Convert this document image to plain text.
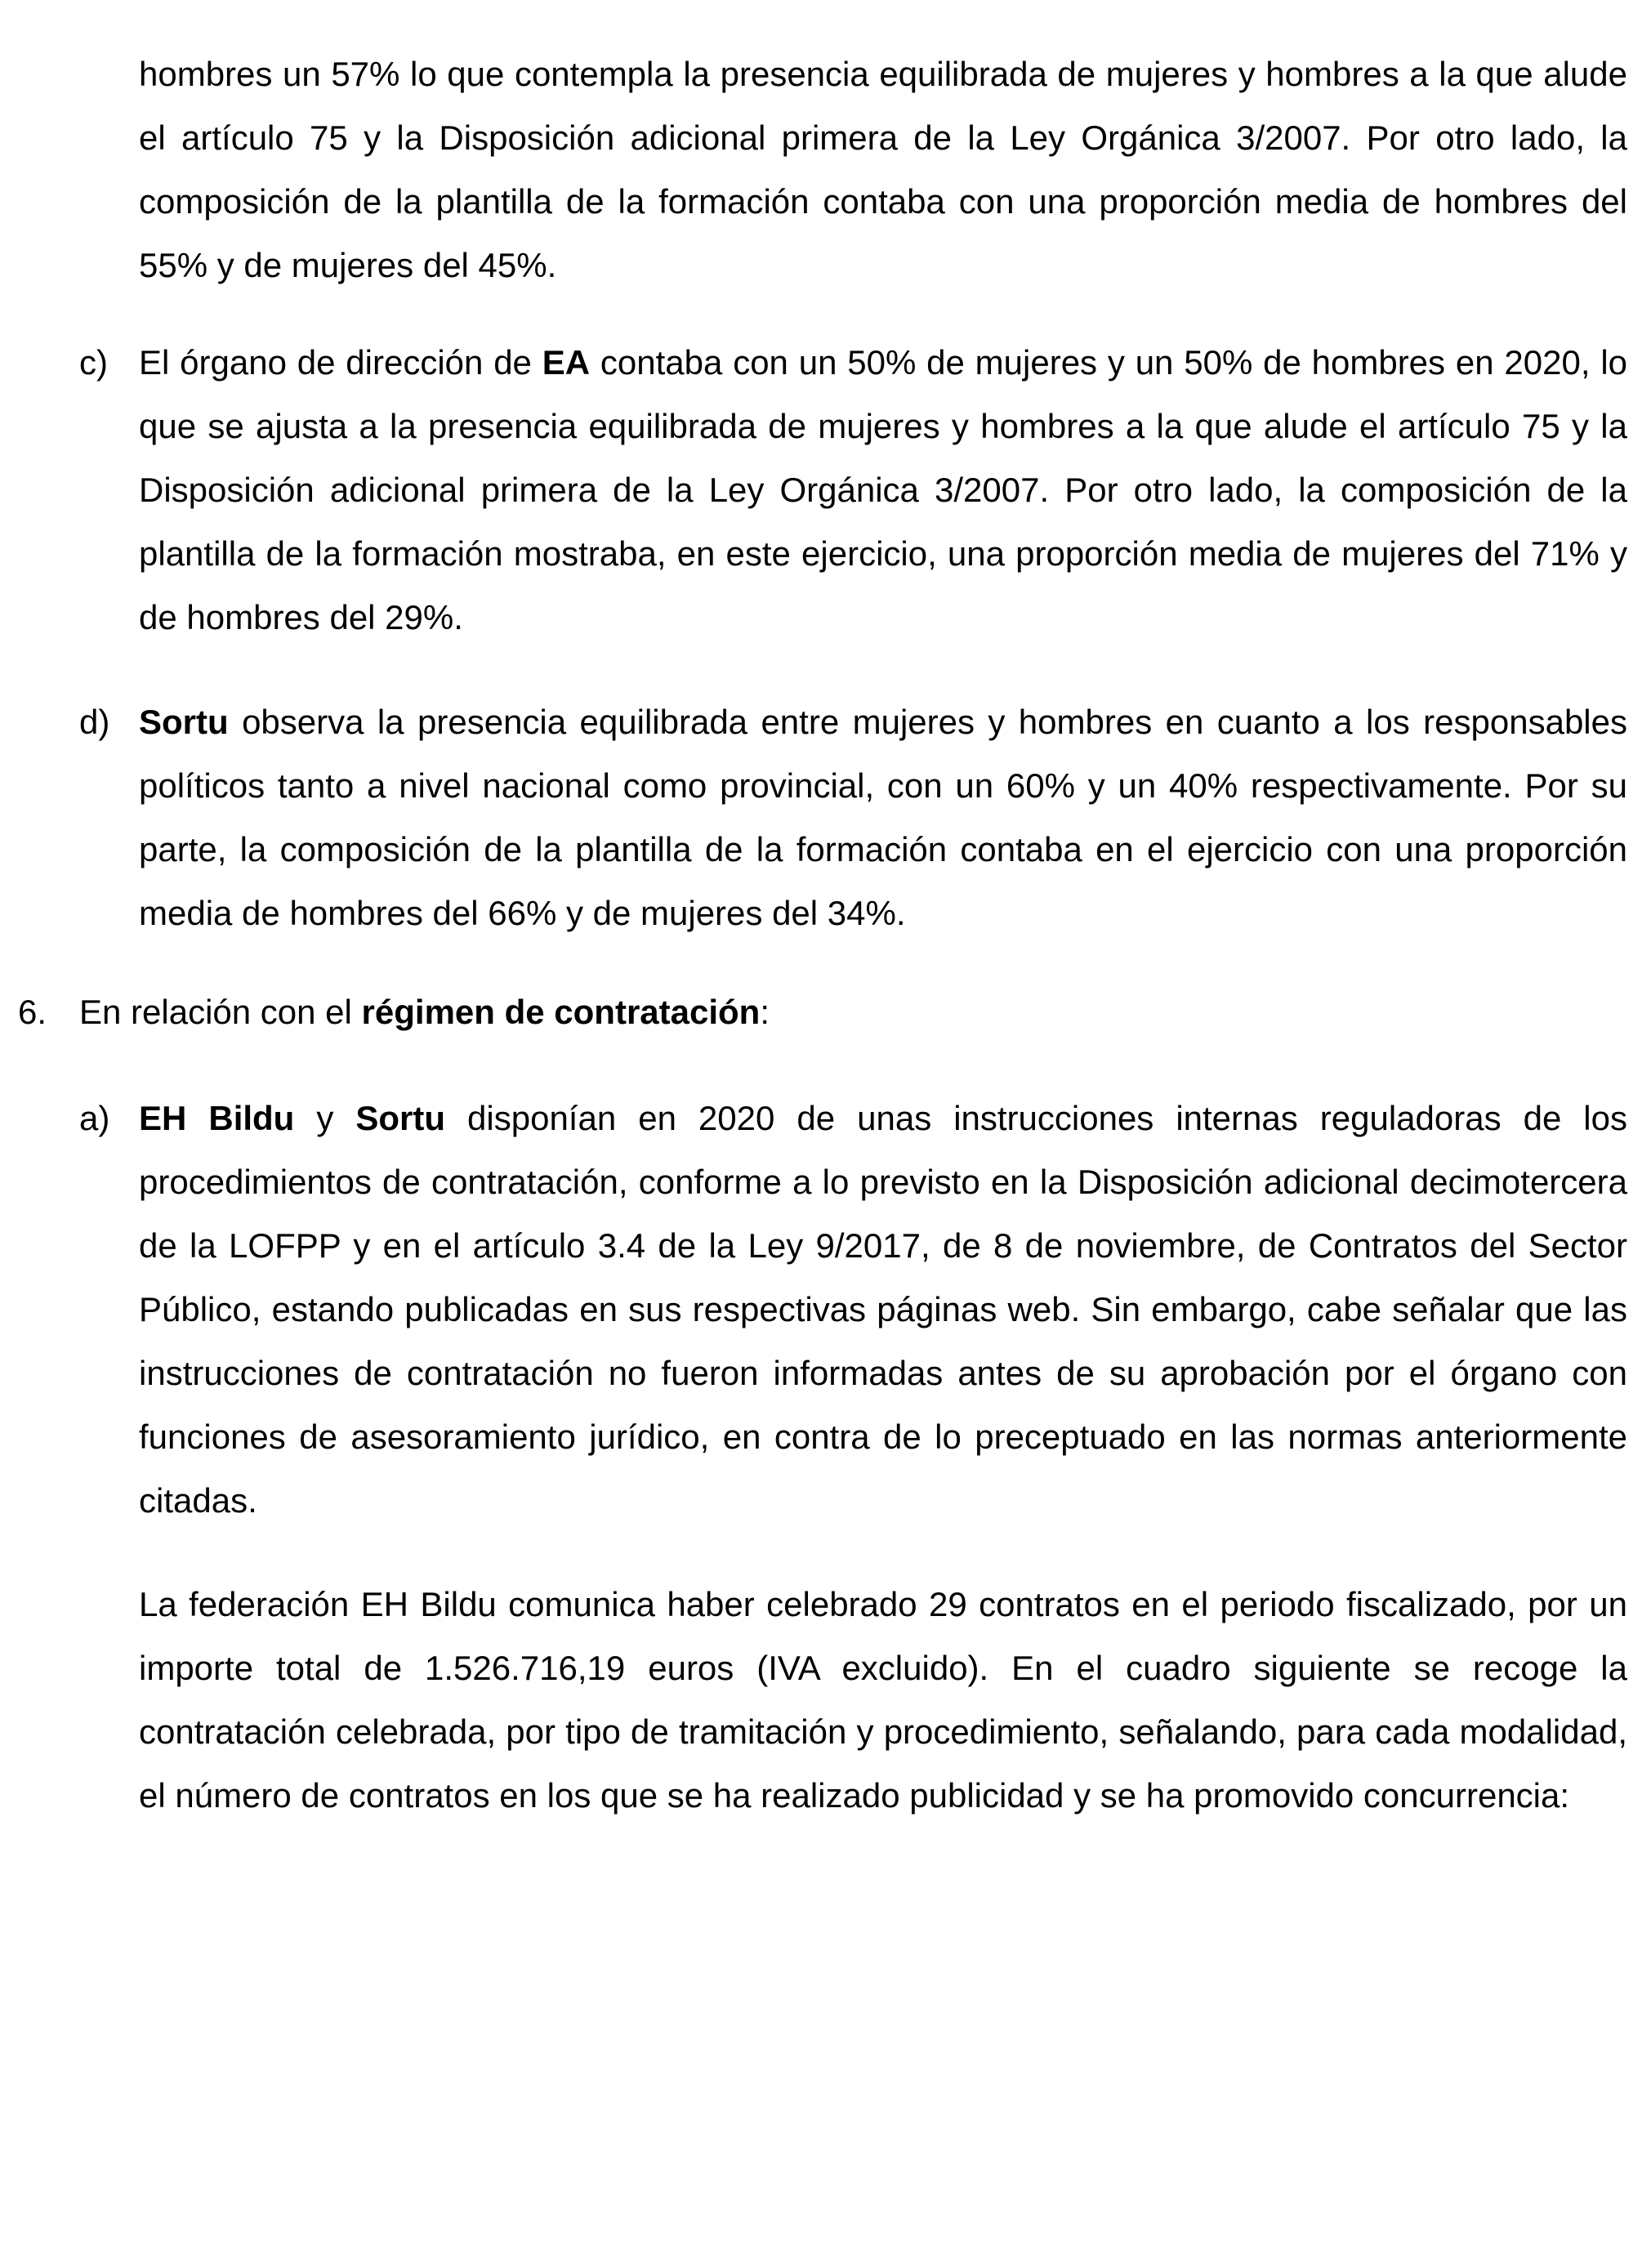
hombres un 57% lo que contempla la presencia equilibrada de mujeres y hombres a la que alude el artículo 75 y la Disposición adicional primera de la Ley Orgánica 3/2007. Por otro lado, la composición de la plantilla de la formación contaba con una proporción media de hombres del 55% y de mujeres del 45%.

c) El órgano de dirección de EA contaba con un 50% de mujeres y un 50% de hombres en 2020, lo que se ajusta a la presencia equilibrada de mujeres y hombres a la que alude el artículo 75 y la Disposición adicional primera de la Ley Orgánica 3/2007. Por otro lado, la composición de la plantilla de la formación mostraba, en este ejercicio, una proporción media de mujeres del 71% y de hombres del 29%.

d) Sortu observa la presencia equilibrada entre mujeres y hombres en cuanto a los responsables políticos tanto a nivel nacional como provincial, con un 60% y un 40% respectivamente. Por su parte, la composición de la plantilla de la formación contaba en el ejercicio con una proporción media de hombres del 66% y de mujeres del 34%.

6. En relación con el régimen de contratación:

a) EH Bildu y Sortu disponían en 2020 de unas instrucciones internas reguladoras de los procedimientos de contratación, conforme a lo previsto en la Disposición adicional decimotercera de la LOFPP y en el artículo 3.4 de la Ley 9/2017, de 8 de noviembre, de Contratos del Sector Público, estando publicadas en sus respectivas páginas web. Sin embargo, cabe señalar que las instrucciones de contratación no fueron informadas antes de su aprobación por el órgano con funciones de asesoramiento jurídico, en contra de lo preceptuado en las normas anteriormente citadas.

La federación EH Bildu comunica haber celebrado 29 contratos en el periodo fiscalizado, por un importe total de 1.526.716,19 euros (IVA excluido). En el cuadro siguiente se recoge la contratación celebrada, por tipo de tramitación y procedimiento, señalando, para cada modalidad, el número de contratos en los que se ha realizado publicidad y se ha promovido concurrencia:
